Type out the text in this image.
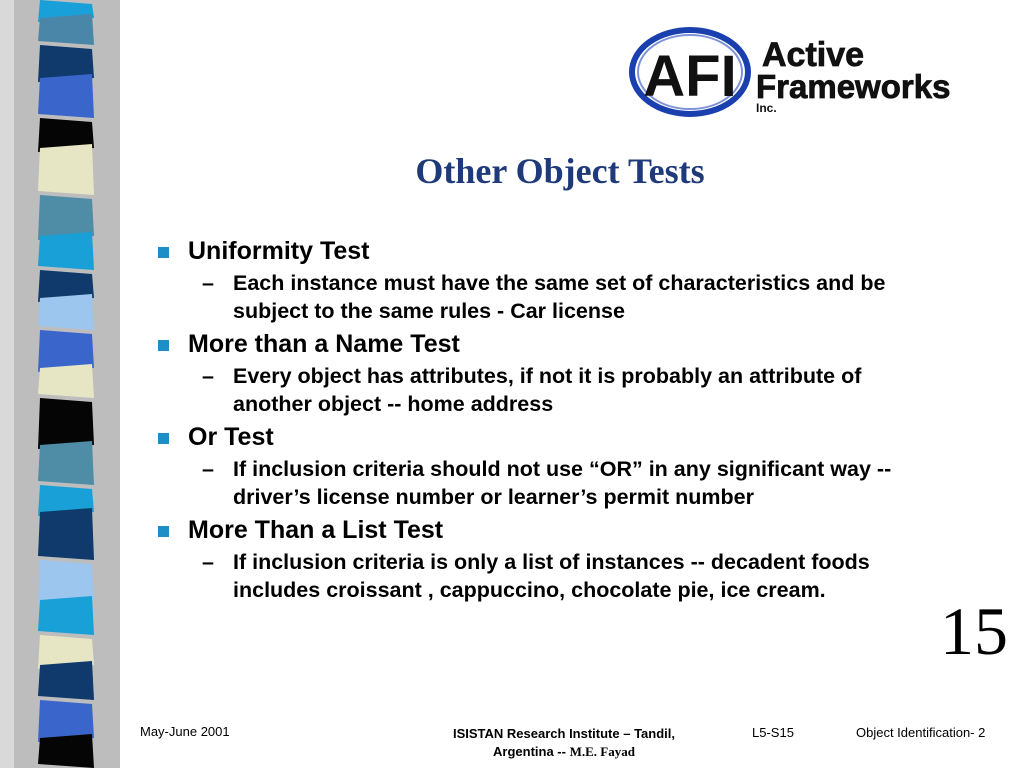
AFI Active
Frameworks
Inc.
Other Object Tests
Uniformity Test
– Each instance must have the same set of characteristics and be subject to the same rules - Car license
More than a Name Test
– Every object has attributes, if not it is probably an attribute of another object -- home address
Or Test
– If inclusion criteria should not use “OR” in any significant way -- driver’s license number or learner’s permit number
More Than a List Test
– If inclusion criteria is only a list of instances -- decadent foods includes croissant , cappuccino, chocolate pie, ice cream.
15
May-June 2001	ISISTAN Research Institute – Tandil,
Argentina -- M.E. Fayad
L5-S15	Object Identification- 2
